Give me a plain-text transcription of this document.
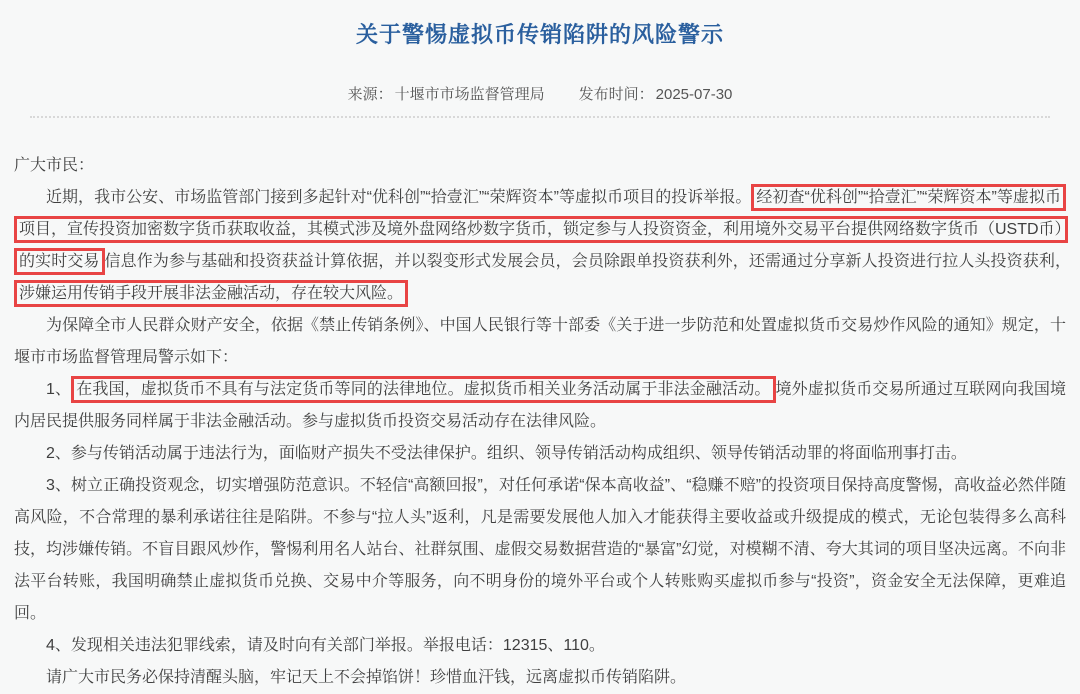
关于警惕虚拟币传销陷阱的风险警示
来源： 十堰市市场监督管理局 发布时间： 2025-07-30

广大市民：

近期，我市公安、市场监管部门接到多起针对“优科创”“拾壹汇”“荣辉资本”等虚拟币项目的投诉举报。 经初查“优科创”“拾壹汇”“荣辉资本”等虚拟币项目，宣传投资加密数字货币获取收益，其模式涉及境外盘网络炒数字货币，锁定参与人投资资金，利用境外交易平台提供网络数字货币（USTD币）的实时交易 信息作为参与基础和投资获益计算依据，并以裂变形式发展会员，会员除跟单投资获利外，还需通过分享新人投资进行拉人头投资获利，涉嫌运用传销手段开展非法金融活动，存在较大风险。

为保障全市人民群众财产安全，依据《禁止传销条例》、中国人民银行等十部委《关于进一步防范和处置虚拟货币交易炒作风险的通知》规定，十堰市市场监督管理局警示如下：

1、 在我国，虚拟货币不具有与法定货币等同的法律地位。虚拟货币相关业务活动属于非法金融活动。 境外虚拟货币交易所通过互联网向我国境内居民提供服务同样属于非法金融活动。参与虚拟货币投资交易活动存在法律风险。

2、参与传销活动属于违法行为，面临财产损失不受法律保护。组织、领导传销活动构成组织、领导传销活动罪的将面临刑事打击。

3、树立正确投资观念，切实增强防范意识。不轻信“高额回报”，对任何承诺“保本高收益”、“稳赚不赔”的投资项目保持高度警惕，高收益必然伴随高风险，不合常理的暴利承诺往往是陷阱。不参与“拉人头”返利，凡是需要发展他人加入才能获得主要收益或升级提成的模式，无论包装得多么高科技，均涉嫌传销。不盲目跟风炒作，警惕利用名人站台、社群氛围、虚假交易数据营造的“暴富”幻觉，对模糊不清、夸大其词的项目坚决远离。不向非法平台转账，我国明确禁止虚拟货币兑换、交易中介等服务，向不明身份的境外平台或个人转账购买虚拟币参与“投资”，资金安全无法保障，更难追回。

4、发现相关违法犯罪线索，请及时向有关部门举报。举报电话：12315、110。

请广大市民务必保持清醒头脑，牢记天上不会掉馅饼！珍惜血汗钱，远离虚拟币传销陷阱。
